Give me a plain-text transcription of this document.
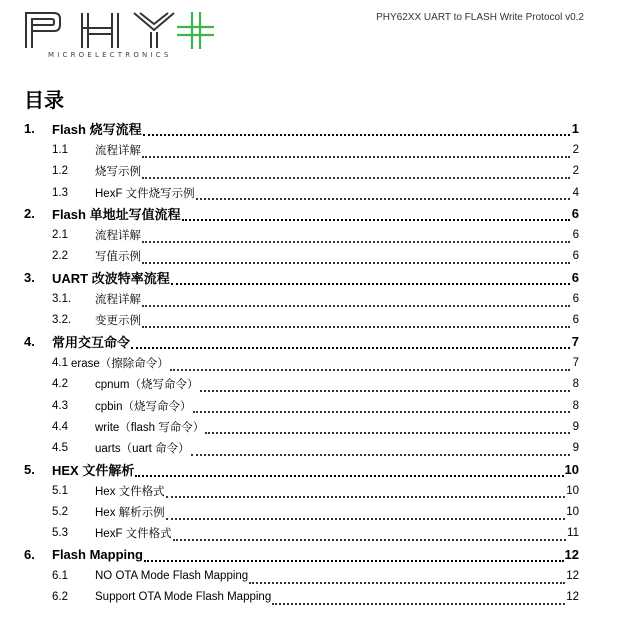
MICROELECTRONICS
PHY62XX UART to FLASH Write Protocol v0.2
目录
1.	Flash 烧写流程	1
1.1	流程详解	2
1.2	烧写示例	2
1.3	HexF 文件烧写示例	4
2.	Flash 单地址写值流程	6
2.1	流程详解	6
2.2	写值示例	6
3.	UART 改波特率流程	6
3.1.	流程详解	6
3.2.	变更示例	6
4.	常用交互命令	7
4.1 erase（擦除命令）	7
4.2	cpnum（烧写命令）	8
4.3	cpbin（烧写命令）	8
4.4	write（flash 写命令）	9
4.5	uarts（uart 命令）	9
5.	HEX 文件解析	10
5.1	Hex 文件格式	10
5.2	Hex 解析示例	10
5.3	HexF 文件格式	11
6.	Flash Mapping	12
6.1	NO OTA Mode Flash Mapping	12
6.2	Support OTA Mode Flash Mapping	12
